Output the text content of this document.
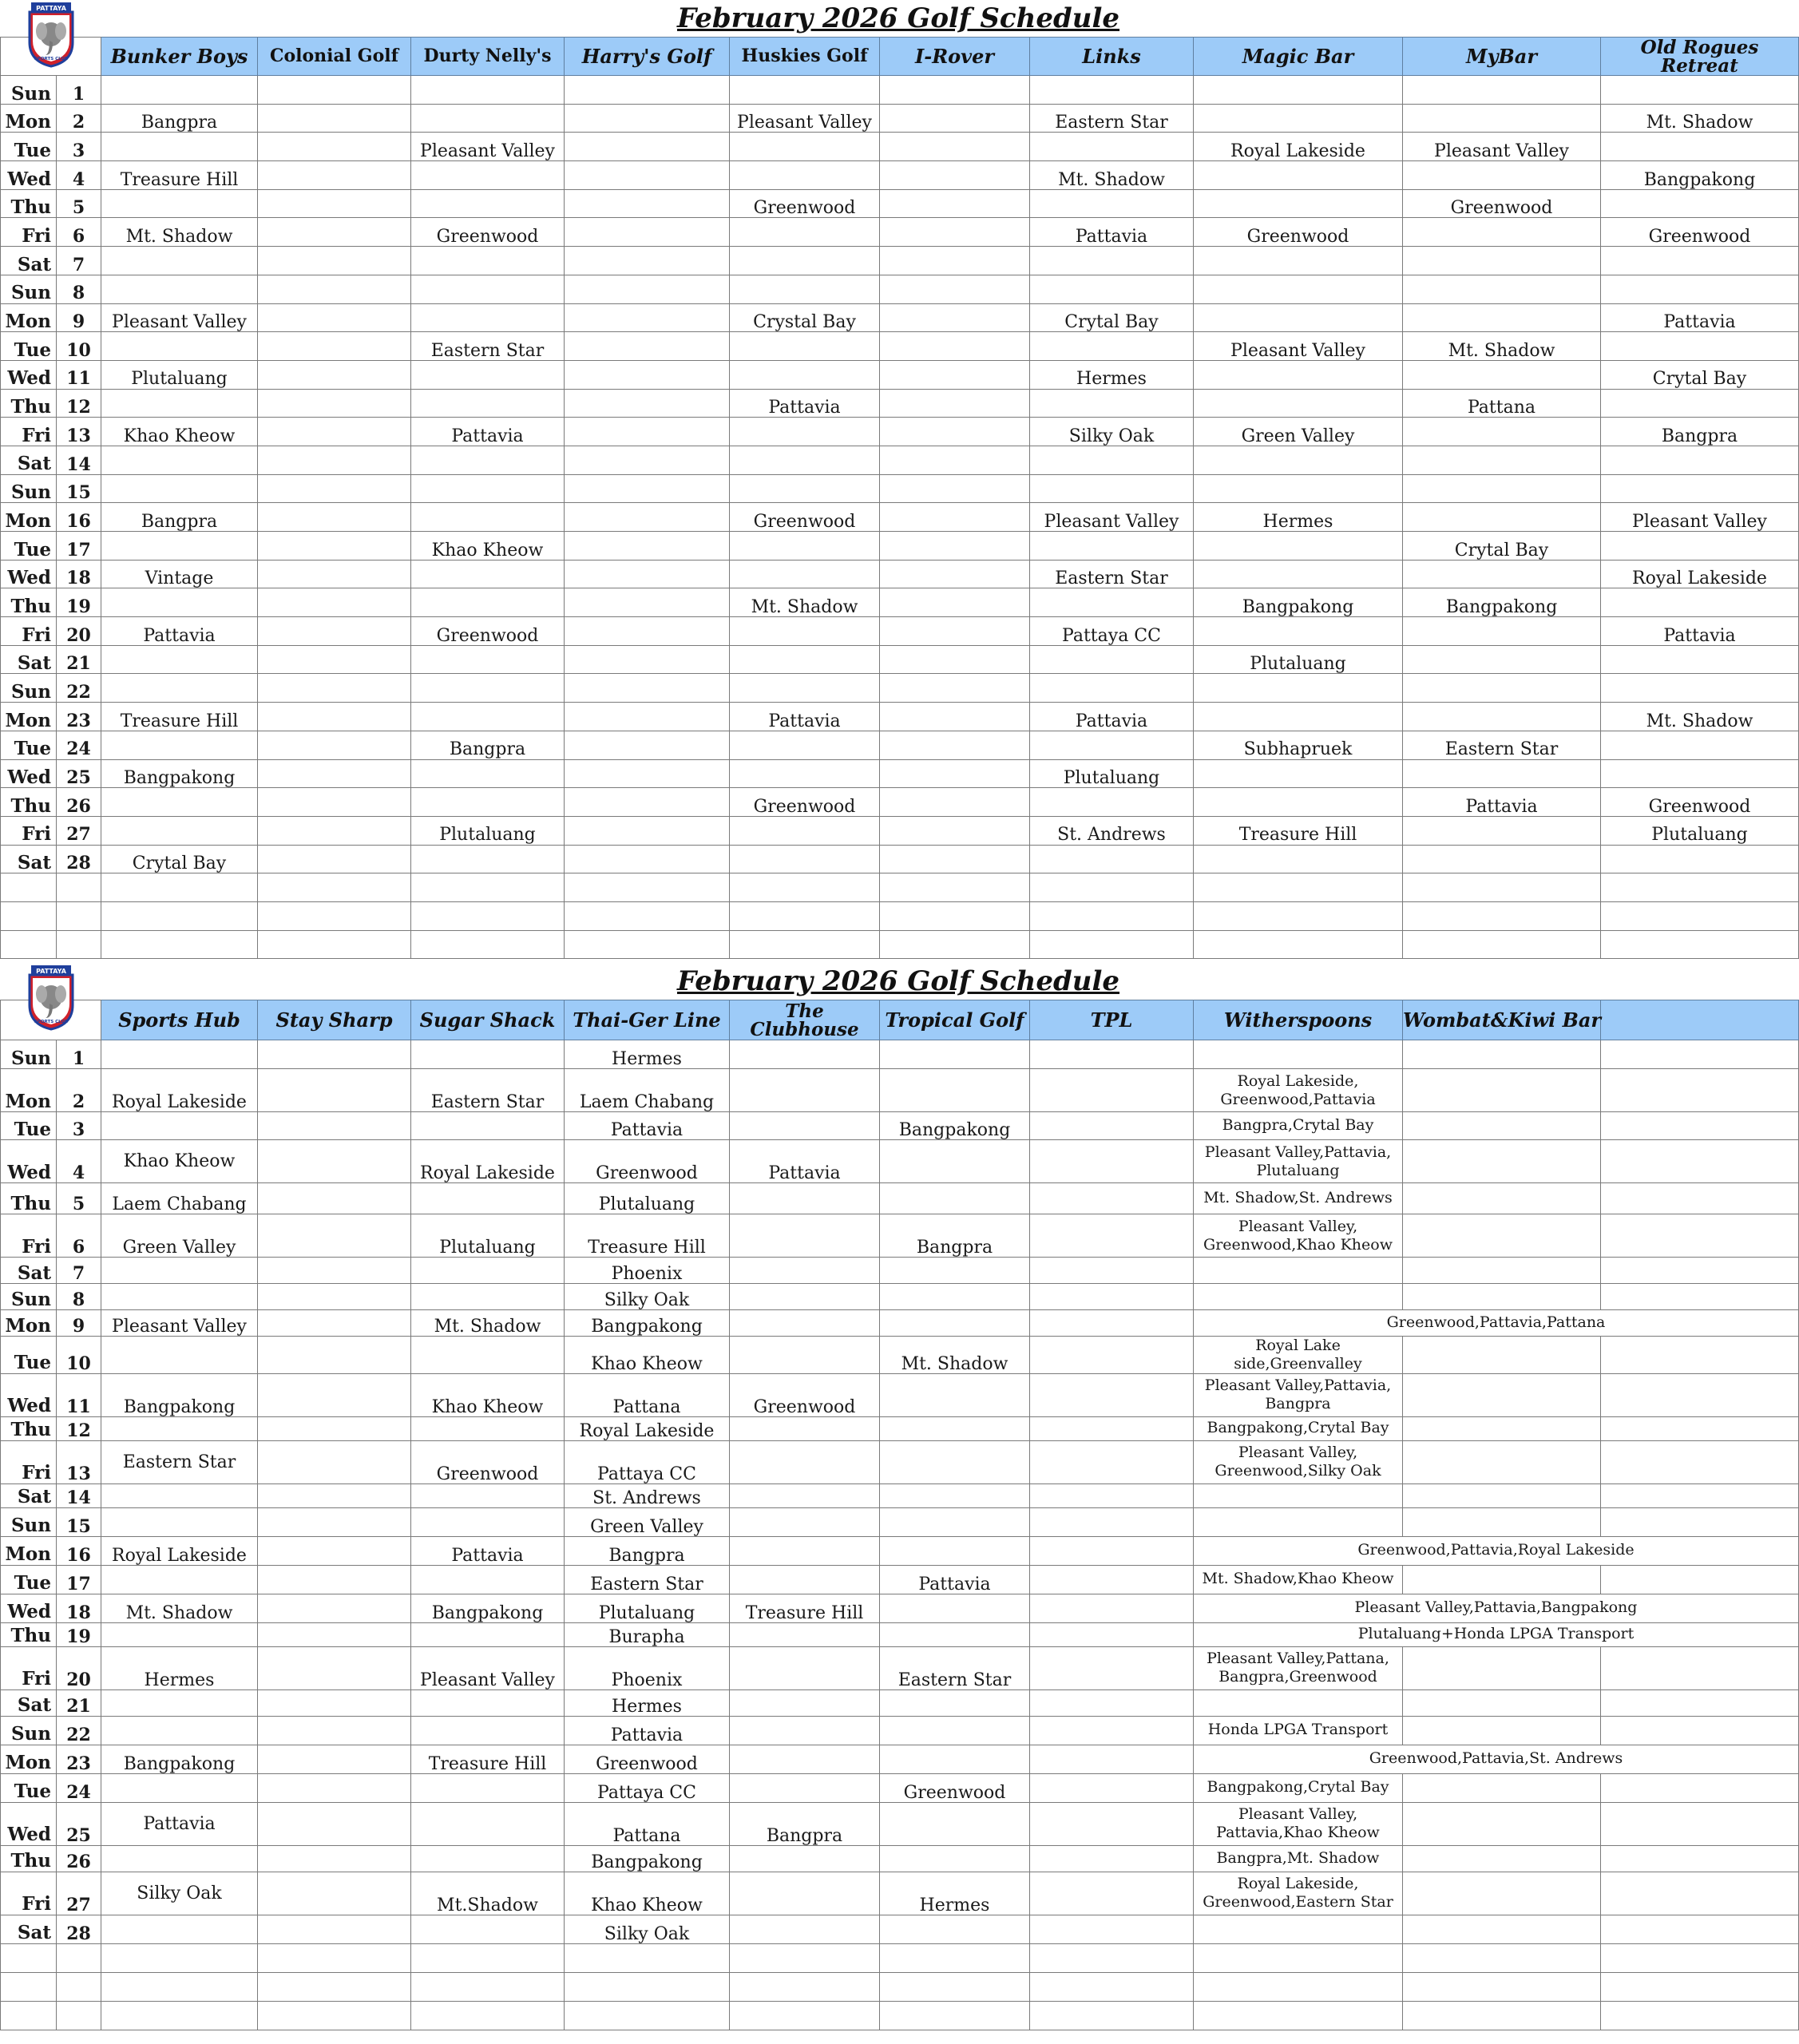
February 2026 Golf Schedule
PATTAYA
SPORTS CLUB		Bunker Boys	Colonial Golf	Durty Nelly's	Harry's Golf	Huskies Golf	I-Rover	Links	Magic Bar	MyBar	Old Rogues Retreat
Sun	1										
Mon	2	Bangpra				Pleasant Valley		Eastern Star			Mt. Shadow
Tue	3			Pleasant Valley					Royal Lakeside	Pleasant Valley	
Wed	4	Treasure Hill						Mt. Shadow			Bangpakong
Thu	5					Greenwood				Greenwood	
Fri	6	Mt. Shadow		Greenwood				Pattavia	Greenwood		Greenwood
Sat	7										
Sun	8										
Mon	9	Pleasant Valley				Crystal Bay		Crytal Bay			Pattavia
Tue	10			Eastern Star					Pleasant Valley	Mt. Shadow	
Wed	11	Plutaluang						Hermes			Crytal Bay
Thu	12					Pattavia				Pattana	
Fri	13	Khao Kheow		Pattavia				Silky Oak	Green Valley		Bangpra
Sat	14										
Sun	15										
Mon	16	Bangpra				Greenwood		Pleasant Valley	Hermes		Pleasant Valley
Tue	17			Khao Kheow						Crytal Bay	
Wed	18	Vintage						Eastern Star			Royal Lakeside
Thu	19					Mt. Shadow			Bangpakong	Bangpakong	
Fri	20	Pattavia		Greenwood				Pattaya CC			Pattavia
Sat	21								Plutaluang		
Sun	22										
Mon	23	Treasure Hill				Pattavia		Pattavia			Mt. Shadow
Tue	24			Bangpra					Subhapruek	Eastern Star	
Wed	25	Bangpakong						Plutaluang			
Thu	26					Greenwood				Pattavia	Greenwood
Fri	27			Plutaluang				St. Andrews	Treasure Hill		Plutaluang
Sat	28	Crytal Bay									

February 2026 Golf Schedule
PATTAYA
SPORTS CLUB		Sports Hub	Stay Sharp	Sugar Shack	Thai-Ger Line	The Clubhouse	Tropical Golf	TPL	Witherspoons	Wombat&Kiwi Bar	
Sun	1				Hermes						
Mon	2	Royal Lakeside		Eastern Star	Laem Chabang				Royal Lakeside, Greenwood,Pattavia		
Tue	3				Pattavia		Bangpakong		Bangpra,Crytal Bay		
Wed	4	Khao Kheow		Royal Lakeside	Greenwood	Pattavia			Pleasant Valley,Pattavia, Plutaluang		
Thu	5	Laem Chabang			Plutaluang				Mt. Shadow,St. Andrews		
Fri	6	Green Valley		Plutaluang	Treasure Hill		Bangpra		Pleasant Valley, Greenwood,Khao Kheow		
Sat	7				Phoenix						
Sun	8				Silky Oak						
Mon	9	Pleasant Valley		Mt. Shadow	Bangpakong				Greenwood,Pattavia,Pattana		
Tue	10				Khao Kheow		Mt. Shadow		Royal Lake side,Greenvalley		
Wed	11	Bangpakong		Khao Kheow	Pattana	Greenwood			Pleasant Valley,Pattavia, Bangpra		
Thu	12				Royal Lakeside				Bangpakong,Crytal Bay		
Fri	13	Eastern Star		Greenwood	Pattaya CC				Pleasant Valley, Greenwood,Silky Oak		
Sat	14				St. Andrews						
Sun	15				Green Valley						
Mon	16	Royal Lakeside		Pattavia	Bangpra				Greenwood,Pattavia,Royal Lakeside		
Tue	17				Eastern Star		Pattavia		Mt. Shadow,Khao Kheow		
Wed	18	Mt. Shadow		Bangpakong	Plutaluang	Treasure Hill			Pleasant Valley,Pattavia,Bangpakong		
Thu	19				Burapha				Plutaluang+Honda LPGA Transport		
Fri	20	Hermes		Pleasant Valley	Phoenix		Eastern Star		Pleasant Valley,Pattana, Bangpra,Greenwood		
Sat	21				Hermes						
Sun	22				Pattavia				Honda LPGA Transport		
Mon	23	Bangpakong		Treasure Hill	Greenwood				Greenwood,Pattavia,St. Andrews		
Tue	24				Pattaya CC		Greenwood		Bangpakong,Crytal Bay		
Wed	25	Pattavia			Pattana	Bangpra			Pleasant Valley, Pattavia,Khao Kheow		
Thu	26				Bangpakong				Bangpra,Mt. Shadow		
Fri	27	Silky Oak		Mt.Shadow	Khao Kheow		Hermes		Royal Lakeside, Greenwood,Eastern Star		
Sat	28				Silky Oak						
